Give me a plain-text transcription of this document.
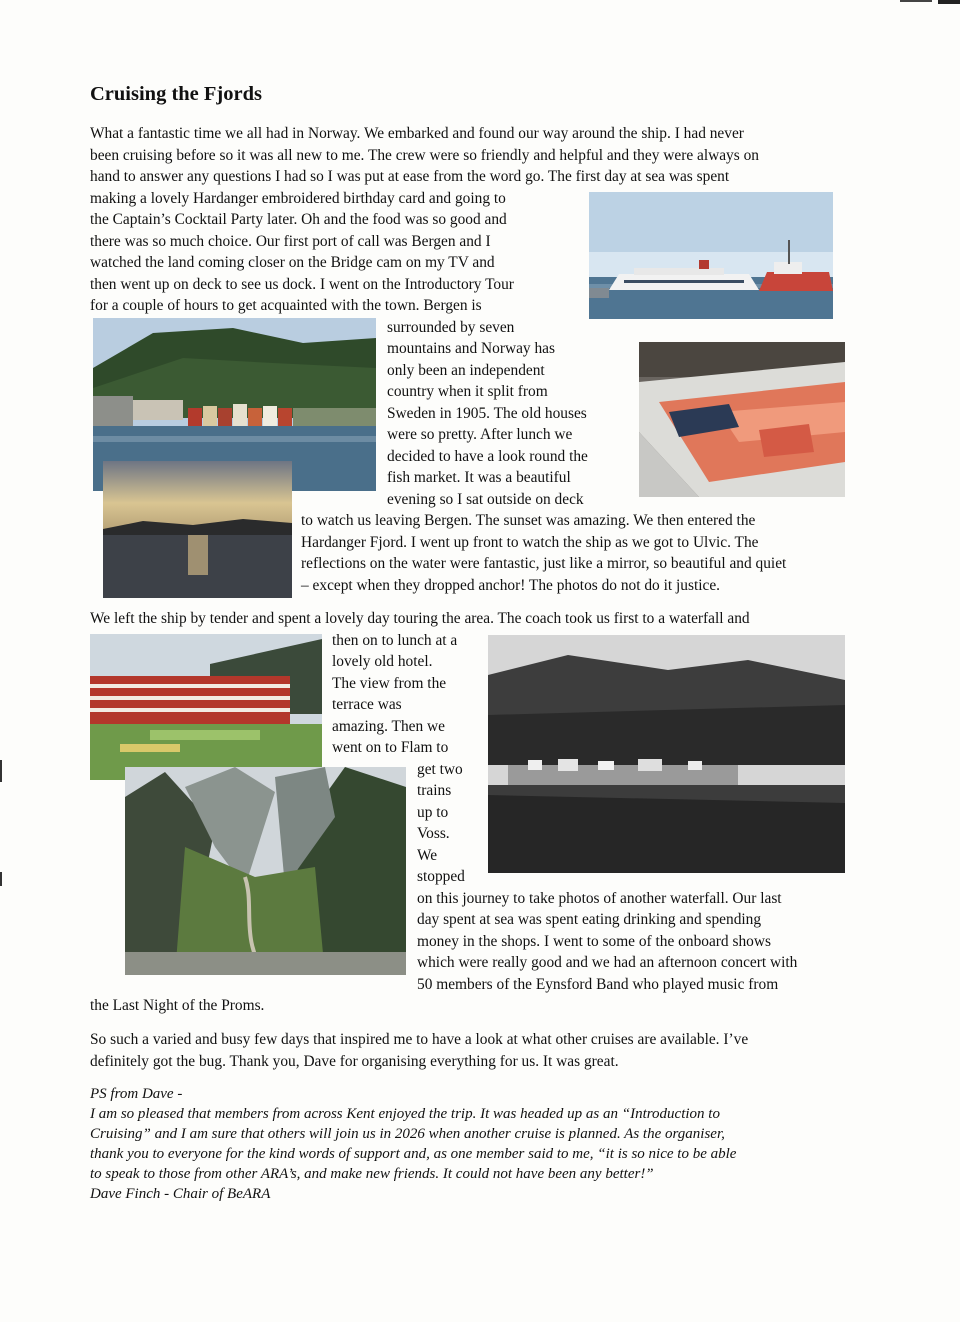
Cruising the Fjords
What a fantastic time we all had in Norway. We embarked and found our way around the ship. I had never
been cruising before so it was all new to me. The crew were so friendly and helpful and they were always on
hand to answer any questions I had so I was put at ease from the word go. The first day at sea was spent
making a lovely Hardanger embroidered birthday card and going to
the Captain’s Cocktail Party later. Oh and the food was so good and
there was so much choice. Our first port of call was Bergen and I
watched the land coming closer on the Bridge cam on my TV and
then went up on deck to see us dock. I went on the Introductory Tour
for a couple of hours to get acquainted with the town. Bergen is
surrounded by seven
mountains and Norway has
only been an independent
country when it split from
Sweden in 1905. The old houses
were so pretty. After lunch we
decided to have a look round the
fish market. It was a beautiful
evening so I sat outside on deck
to watch us leaving Bergen. The sunset was amazing. We then entered the
Hardanger Fjord. I went up front to watch the ship as we got to Ulvic. The
reflections on the water were fantastic, just like a mirror, so beautiful and quiet
– except when they dropped anchor! The photos do not do it justice.
We left the ship by tender and spent a lovely day touring the area. The coach took us first to a waterfall and
then on to lunch at a
lovely old hotel.
The view from the
terrace was
amazing. Then we
went on to Flam to
get two
trains
up to
Voss.
We
stopped
on this journey to take photos of another waterfall. Our last
day spent at sea was spent eating drinking and spending
money in the shops. I went to some of the onboard shows
which were really good and we had an afternoon concert with
50 members of the Eynsford Band who played music from
the Last Night of the Proms.
So such a varied and busy few days that inspired me to have a look at what other cruises are available. I’ve
definitely got the bug. Thank you, Dave for organising everything for us. It was great.
PS from Dave -
I am so pleased that members from across Kent enjoyed the trip. It was headed up as an “Introduction to
Cruising” and I am sure that others will join us in 2026 when another cruise is planned. As the organiser,
thank you to everyone for the kind words of support and, as one member said to me, “it is so nice to be able
to speak to those from other ARA’s, and make new friends. It could not have been any better!”
Dave Finch - Chair of BeARA
